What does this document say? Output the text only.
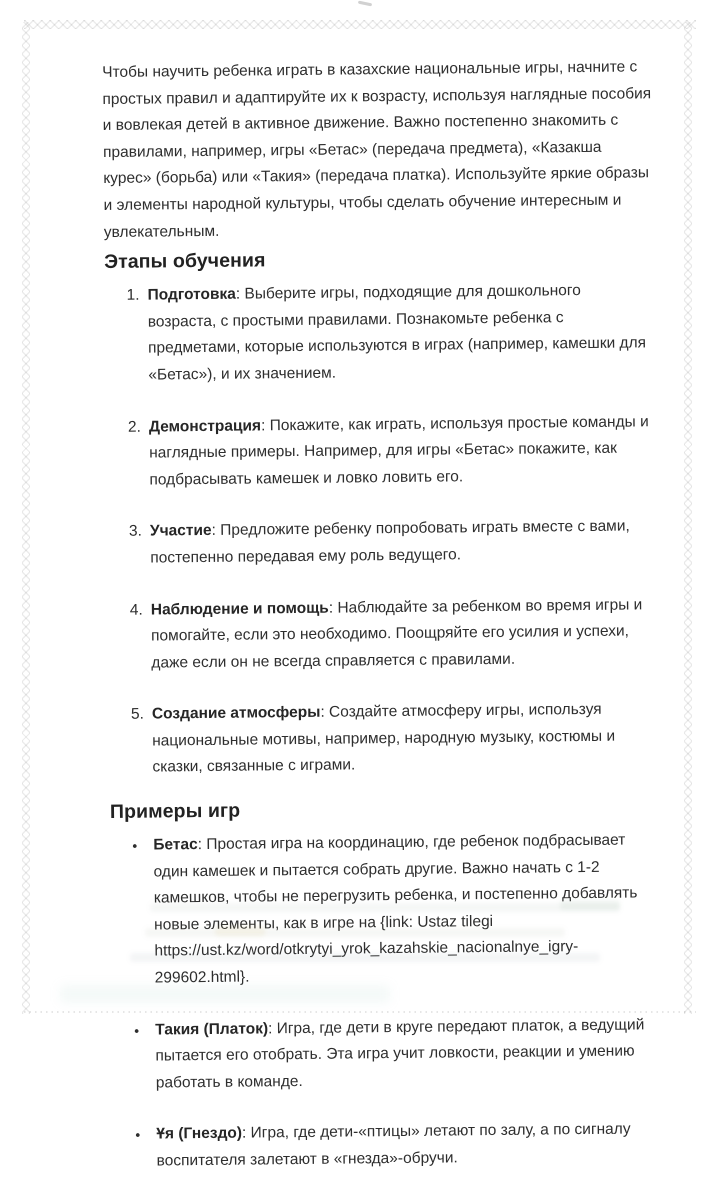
Чтобы научить ребенка играть в казахские национальные игры, начните с простых правил и адаптируйте их к возрасту, используя наглядные пособия и вовлекая детей в активное движение. Важно постепенно знакомить с правилами, например, игры «Бетас» (передача предмета), «Казакша курес» (борьба) или «Такия» (передача платка). Используйте яркие образы и элементы народной культуры, чтобы сделать обучение интересным и увлекательным.

Этапы обучения
1. Подготовка: Выберите игры, подходящие для дошкольного возраста, с простыми правилами. Познакомьте ребенка с предметами, которые используются в играх (например, камешки для «Бетас»), и их значением.
2. Демонстрация: Покажите, как играть, используя простые команды и наглядные примеры. Например, для игры «Бетас» покажите, как подбрасывать камешек и ловко ловить его.
3. Участие: Предложите ребенку попробовать играть вместе с вами, постепенно передавая ему роль ведущего.
4. Наблюдение и помощь: Наблюдайте за ребенком во время игры и помогайте, если это необходимо. Поощряйте его усилия и успехи, даже если он не всегда справляется с правилами.
5. Создание атмосферы: Создайте атмосферу игры, используя национальные мотивы, например, народную музыку, костюмы и сказки, связанные с играми.
Примеры игр
•	Бетас: Простая игра на координацию, где ребенок подбрасывает один камешек и пытается собрать другие. Важно начать с 1-2 камешков, чтобы не перегрузить ребенка, и постепенно добавлять новые элементы, как в игре на {link: Ustaz tilegi https://ust.kz/word/otkrytyi_yrok_kazahskie_nacionalnye_igry-299602.html}.
•	Такия (Платок): Игра, где дети в круге передают платок, а ведущий пытается его отобрать. Эта игра учит ловкости, реакции и умению работать в команде.
•	Ұя (Гнездо): Игра, где дети-«птицы» летают по залу, а по сигналу воспитателя залетают в «гнезда»-обручи.
